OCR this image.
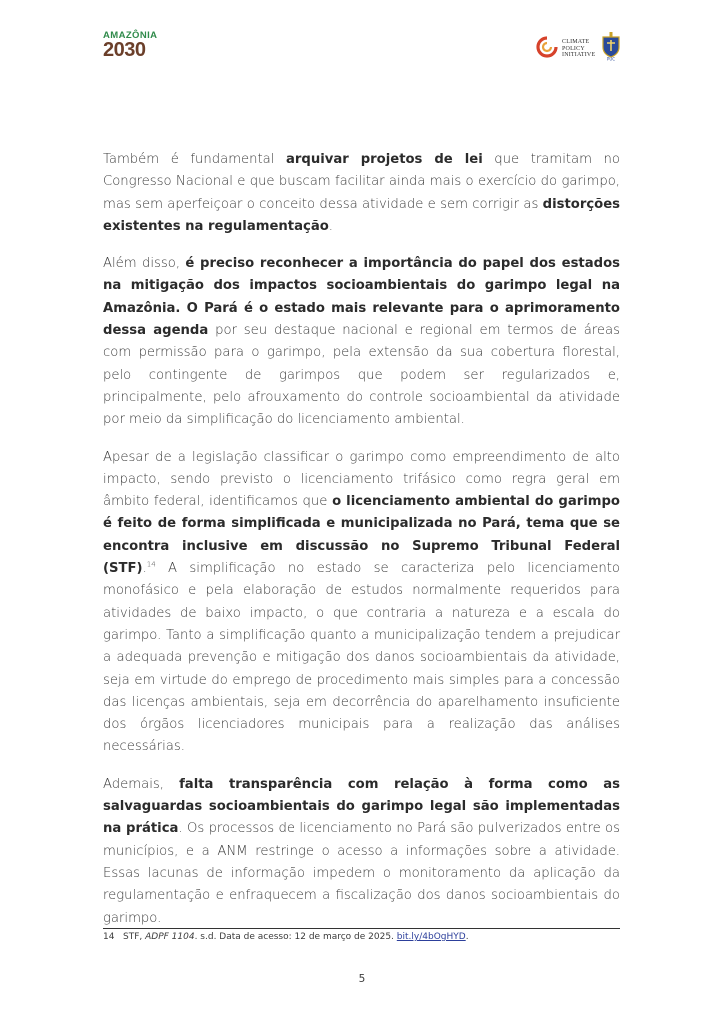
AMAZÔNIA
2030	CLIMATE
POLICY
INITIATIVE
PUC

Também é fundamental arquivar projetos de lei que tramitam no Congresso Nacional e que buscam facilitar ainda mais o exercício do garimpo, mas sem aperfeiçoar o conceito dessa atividade e sem corrigir as distorções existentes na regulamentação.

Além disso, é preciso reconhecer a importância do papel dos estados na mitigação dos impactos socioambientais do garimpo legal na Amazônia. O Pará é o estado mais relevante para o aprimoramento dessa agenda por seu destaque nacional e regional em termos de áreas com permissão para o garimpo, pela extensão da sua cobertura florestal, pelo contingente de garimpos que podem ser regularizados e, principalmente, pelo afrouxamento do controle socioambiental da atividade por meio da simplificação do licenciamento ambiental.

Apesar de a legislação classificar o garimpo como empreendimento de alto impacto, sendo previsto o licenciamento trifásico como regra geral em âmbito federal, identificamos que o licenciamento ambiental do garimpo é feito de forma simplificada e municipalizada no Pará, tema que se encontra inclusive em discussão no Supremo Tribunal Federal (STF).$^{14}$ A simplificação no estado se caracteriza pelo licenciamento monofásico e pela elaboração de estudos normalmente requeridos para atividades de baixo impacto, o que contraria a natureza e a escala do garimpo. Tanto a simplificação quanto a municipalização tendem a prejudicar a adequada prevenção e mitigação dos danos socioambientais da atividade, seja em virtude do emprego de procedimento mais simples para a concessão das licenças ambientais, seja em decorrência do aparelhamento insuficiente dos órgãos licenciadores municipais para a realização das análises necessárias.

Ademais, falta transparência com relação à forma como as salvaguardas socioambientais do garimpo legal são implementadas na prática. Os processos de licenciamento no Pará são pulverizados entre os municípios, e a ANM restringe o acesso a informações sobre a atividade. Essas lacunas de informação impedem o monitoramento da aplicação da regulamentação e enfraquecem a fiscalização dos danos socioambientais do garimpo.

14 STF, ADPF 1104. s.d. Data de acesso: 12 de março de 2025. bit.ly/4bOgHYD.
5
